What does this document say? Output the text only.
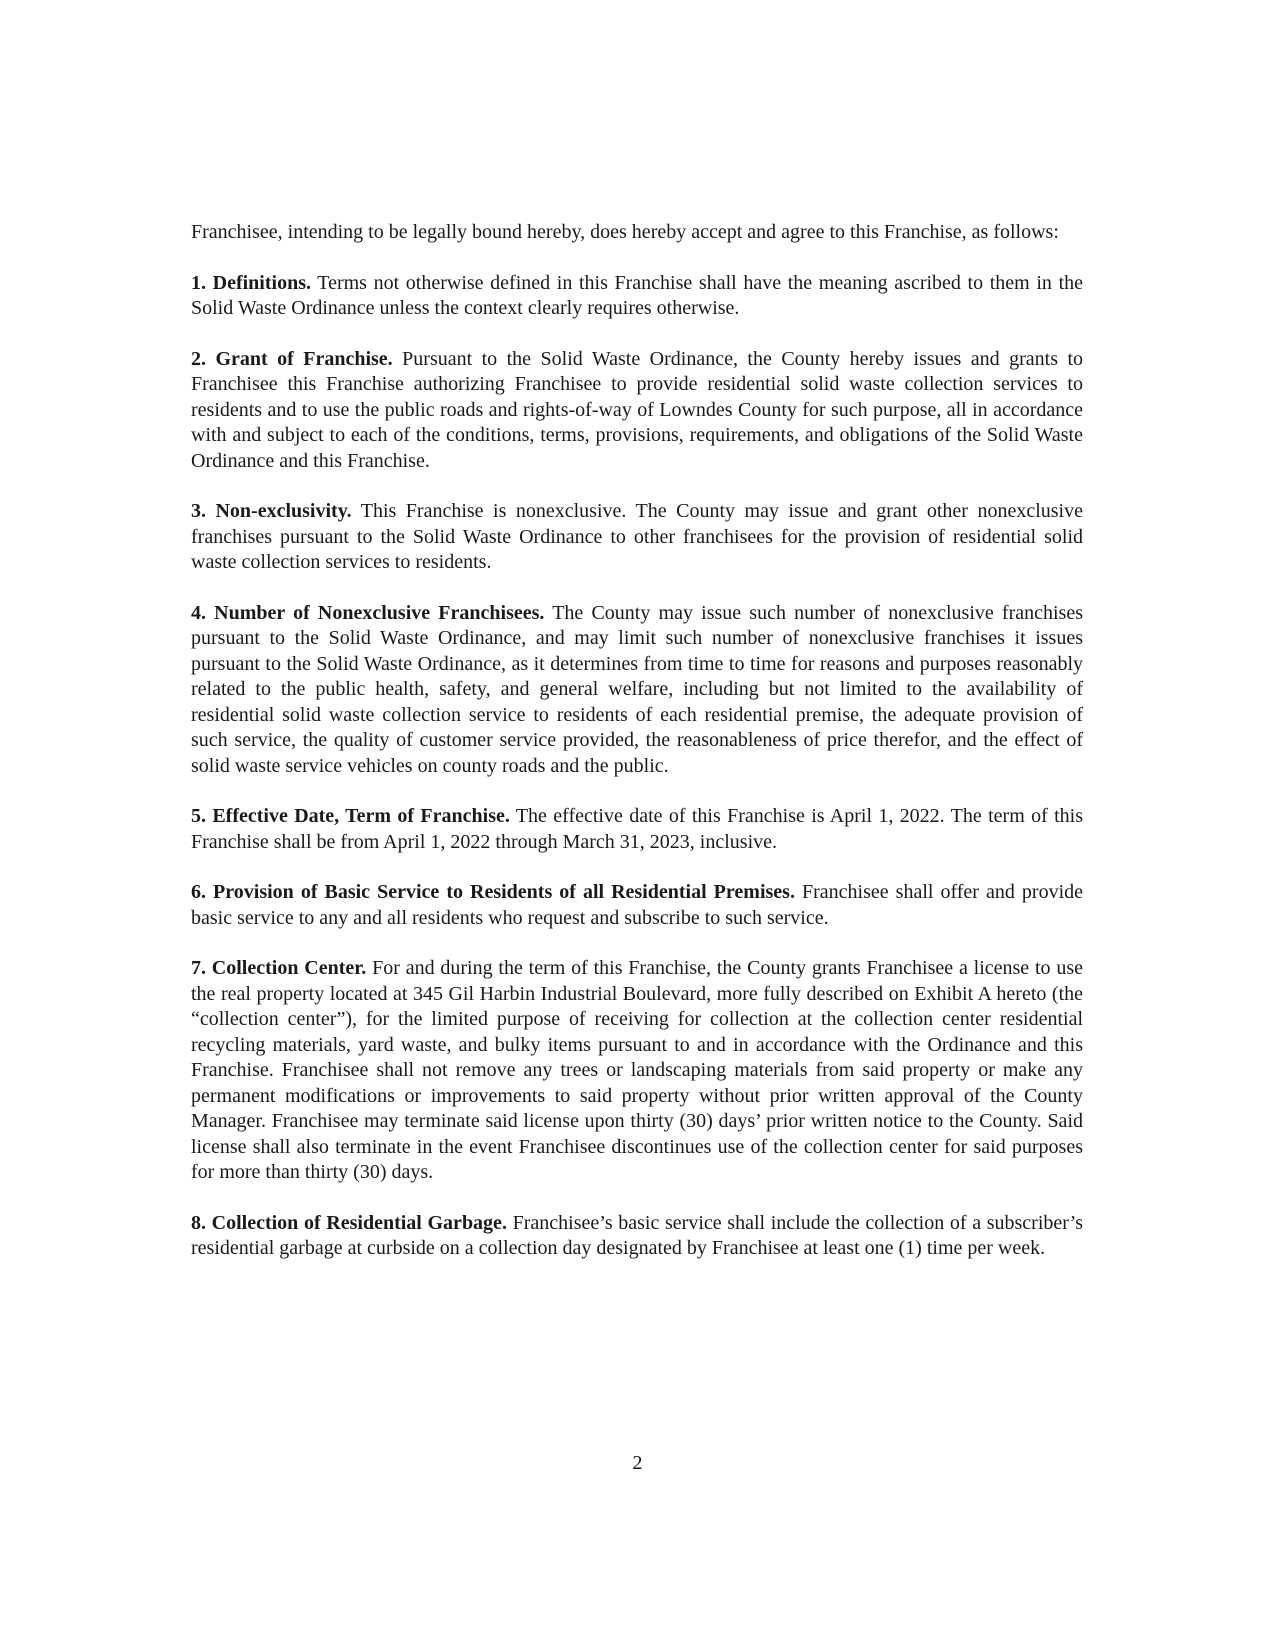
Franchisee, intending to be legally bound hereby, does hereby accept and agree to this Franchise, as follows:

1. Definitions. Terms not otherwise defined in this Franchise shall have the meaning ascribed to them in the Solid Waste Ordinance unless the context clearly requires otherwise.

2. Grant of Franchise. Pursuant to the Solid Waste Ordinance, the County hereby issues and grants to Franchisee this Franchise authorizing Franchisee to provide residential solid waste collection services to residents and to use the public roads and rights-of-way of Lowndes County for such purpose, all in accordance with and subject to each of the conditions, terms, provisions, requirements, and obligations of the Solid Waste Ordinance and this Franchise.

3. Non-exclusivity. This Franchise is nonexclusive. The County may issue and grant other nonexclusive franchises pursuant to the Solid Waste Ordinance to other franchisees for the provision of residential solid waste collection services to residents.

4. Number of Nonexclusive Franchisees. The County may issue such number of nonexclusive franchises pursuant to the Solid Waste Ordinance, and may limit such number of nonexclusive franchises it issues pursuant to the Solid Waste Ordinance, as it determines from time to time for reasons and purposes reasonably related to the public health, safety, and general welfare, including but not limited to the availability of residential solid waste collection service to residents of each residential premise, the adequate provision of such service, the quality of customer service provided, the reasonableness of price therefor, and the effect of solid waste service vehicles on county roads and the public.

5. Effective Date, Term of Franchise. The effective date of this Franchise is April 1, 2022. The term of this Franchise shall be from April 1, 2022 through March 31, 2023, inclusive.

6. Provision of Basic Service to Residents of all Residential Premises. Franchisee shall offer and provide basic service to any and all residents who request and subscribe to such service.

7. Collection Center. For and during the term of this Franchise, the County grants Franchisee a license to use the real property located at 345 Gil Harbin Industrial Boulevard, more fully described on Exhibit A hereto (the “collection center”), for the limited purpose of receiving for collection at the collection center residential recycling materials, yard waste, and bulky items pursuant to and in accordance with the Ordinance and this Franchise. Franchisee shall not remove any trees or landscaping materials from said property or make any permanent modifications or improvements to said property without prior written approval of the County Manager. Franchisee may terminate said license upon thirty (30) days’ prior written notice to the County. Said license shall also terminate in the event Franchisee discontinues use of the collection center for said purposes for more than thirty (30) days.

8. Collection of Residential Garbage. Franchisee’s basic service shall include the collection of a subscriber’s residential garbage at curbside on a collection day designated by Franchisee at least one (1) time per week.

2
